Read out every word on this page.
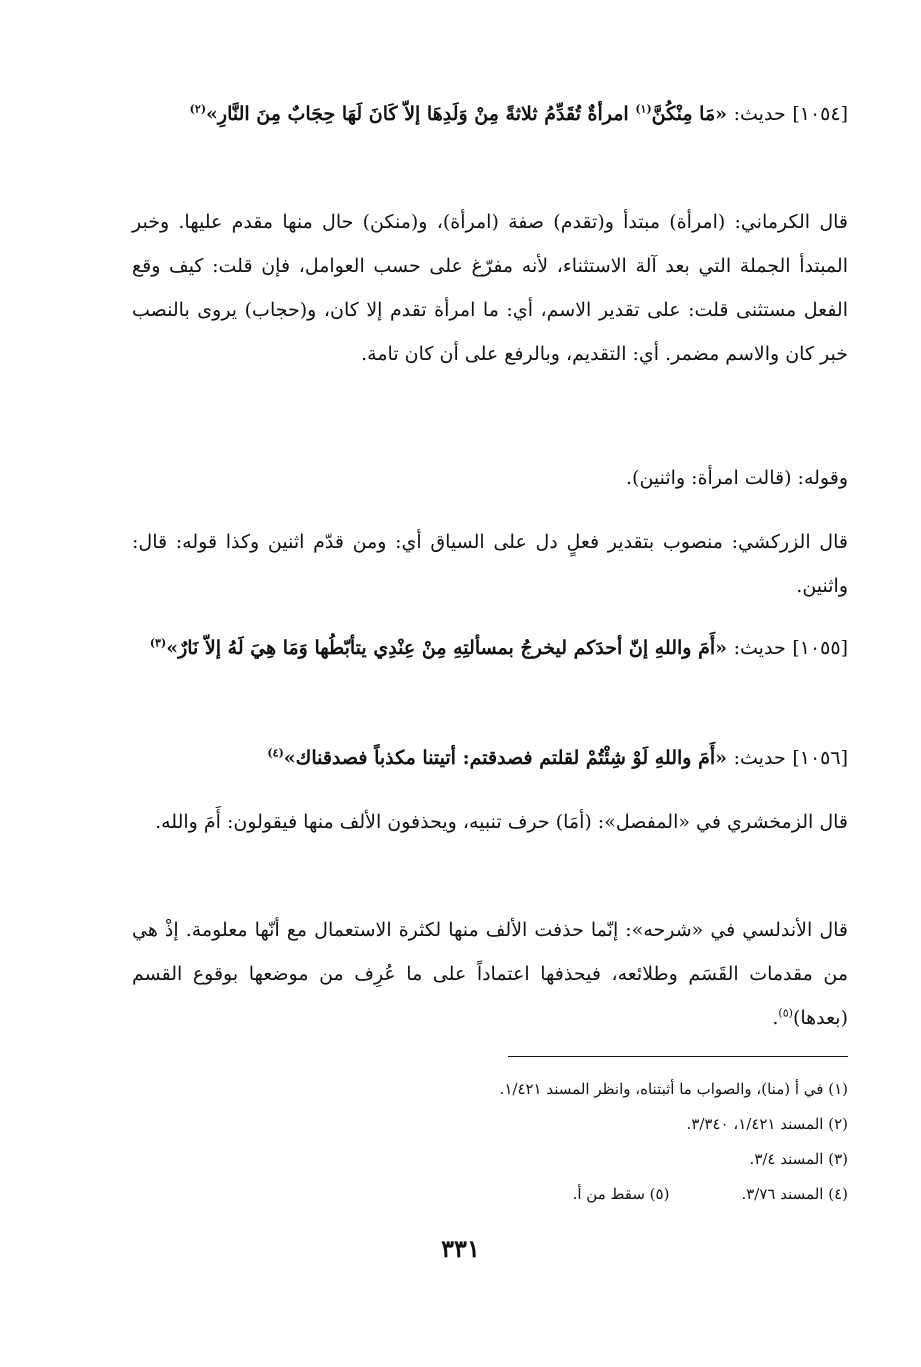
[١٠٥٤] حديث: «مَا مِنْكُنَّ$^{(١)}$ امرأةٌ تُقَدِّمُ ثلاثةً مِنْ وَلَدِهَا إلاّ كَانَ لَهَا حِجَابٌ مِنَ النَّارِ»$^{(٢)}$
قال الكرماني: (امرأة) مبتدأ و(تقدم) صفة (امرأة)، و(منكن) حال منها مقدم عليها. وخبر المبتدأ الجملة التي بعد آلة الاستثناء، لأنه مفرّغ على حسب العوامل، فإن قلت: كيف وقع الفعل مستثنى قلت: على تقدير الاسم، أي: ما امرأة تقدم إلا كان، و(حجاب) يروى بالنصب خبر كان والاسم مضمر. أي: التقديم، وبالرفع على أن كان تامة.
وقوله: (قالت امرأة: واثنين).
قال الزركشي: منصوب بتقدير فعلٍ دل على السياق أي: ومن قدّم اثنين وكذا قوله: قال: واثنين.
[١٠٥٥] حديث: «أَمَ واللهِ إنّ أحدَكم ليخرجُ بمسألتِهِ مِنْ عِنْدِي يتأبّطُها وَمَا هِيَ لَهُ إلاّ نَارٌ»$^{(٣)}$
[١٠٥٦] حديث: «أَمَ واللهِ لَوْ شِئْتُمْ لقلتم فصدقتم: أتيتنا مكذباً فصدقناك»$^{(٤)}$
قال الزمخشري في «المفصل»: (أمَا) حرف تنبيه، ويحذفون الألف منها فيقولون: أَمَ والله.
قال الأندلسي في «شرحه»: إنّما حذفت الألف منها لكثرة الاستعمال مع أنّها معلومة. إذْ هي من مقدمات القَسَم وطلائعه، فيحذفها اعتماداً على ما عُرِف من موضعها بوقوع القسم (بعدها)$^{(٥)}$.
(١) في أ (منا)، والصواب ما أثبتناه، وانظر المسند ١/٤٢١.
(٢) المسند ١/٤٢١، ٣/٣٤٠.
(٣) المسند ٣/٤.
(٤) المسند ٣/٧٦.
(٥) سقط من أ.
٣٣١
